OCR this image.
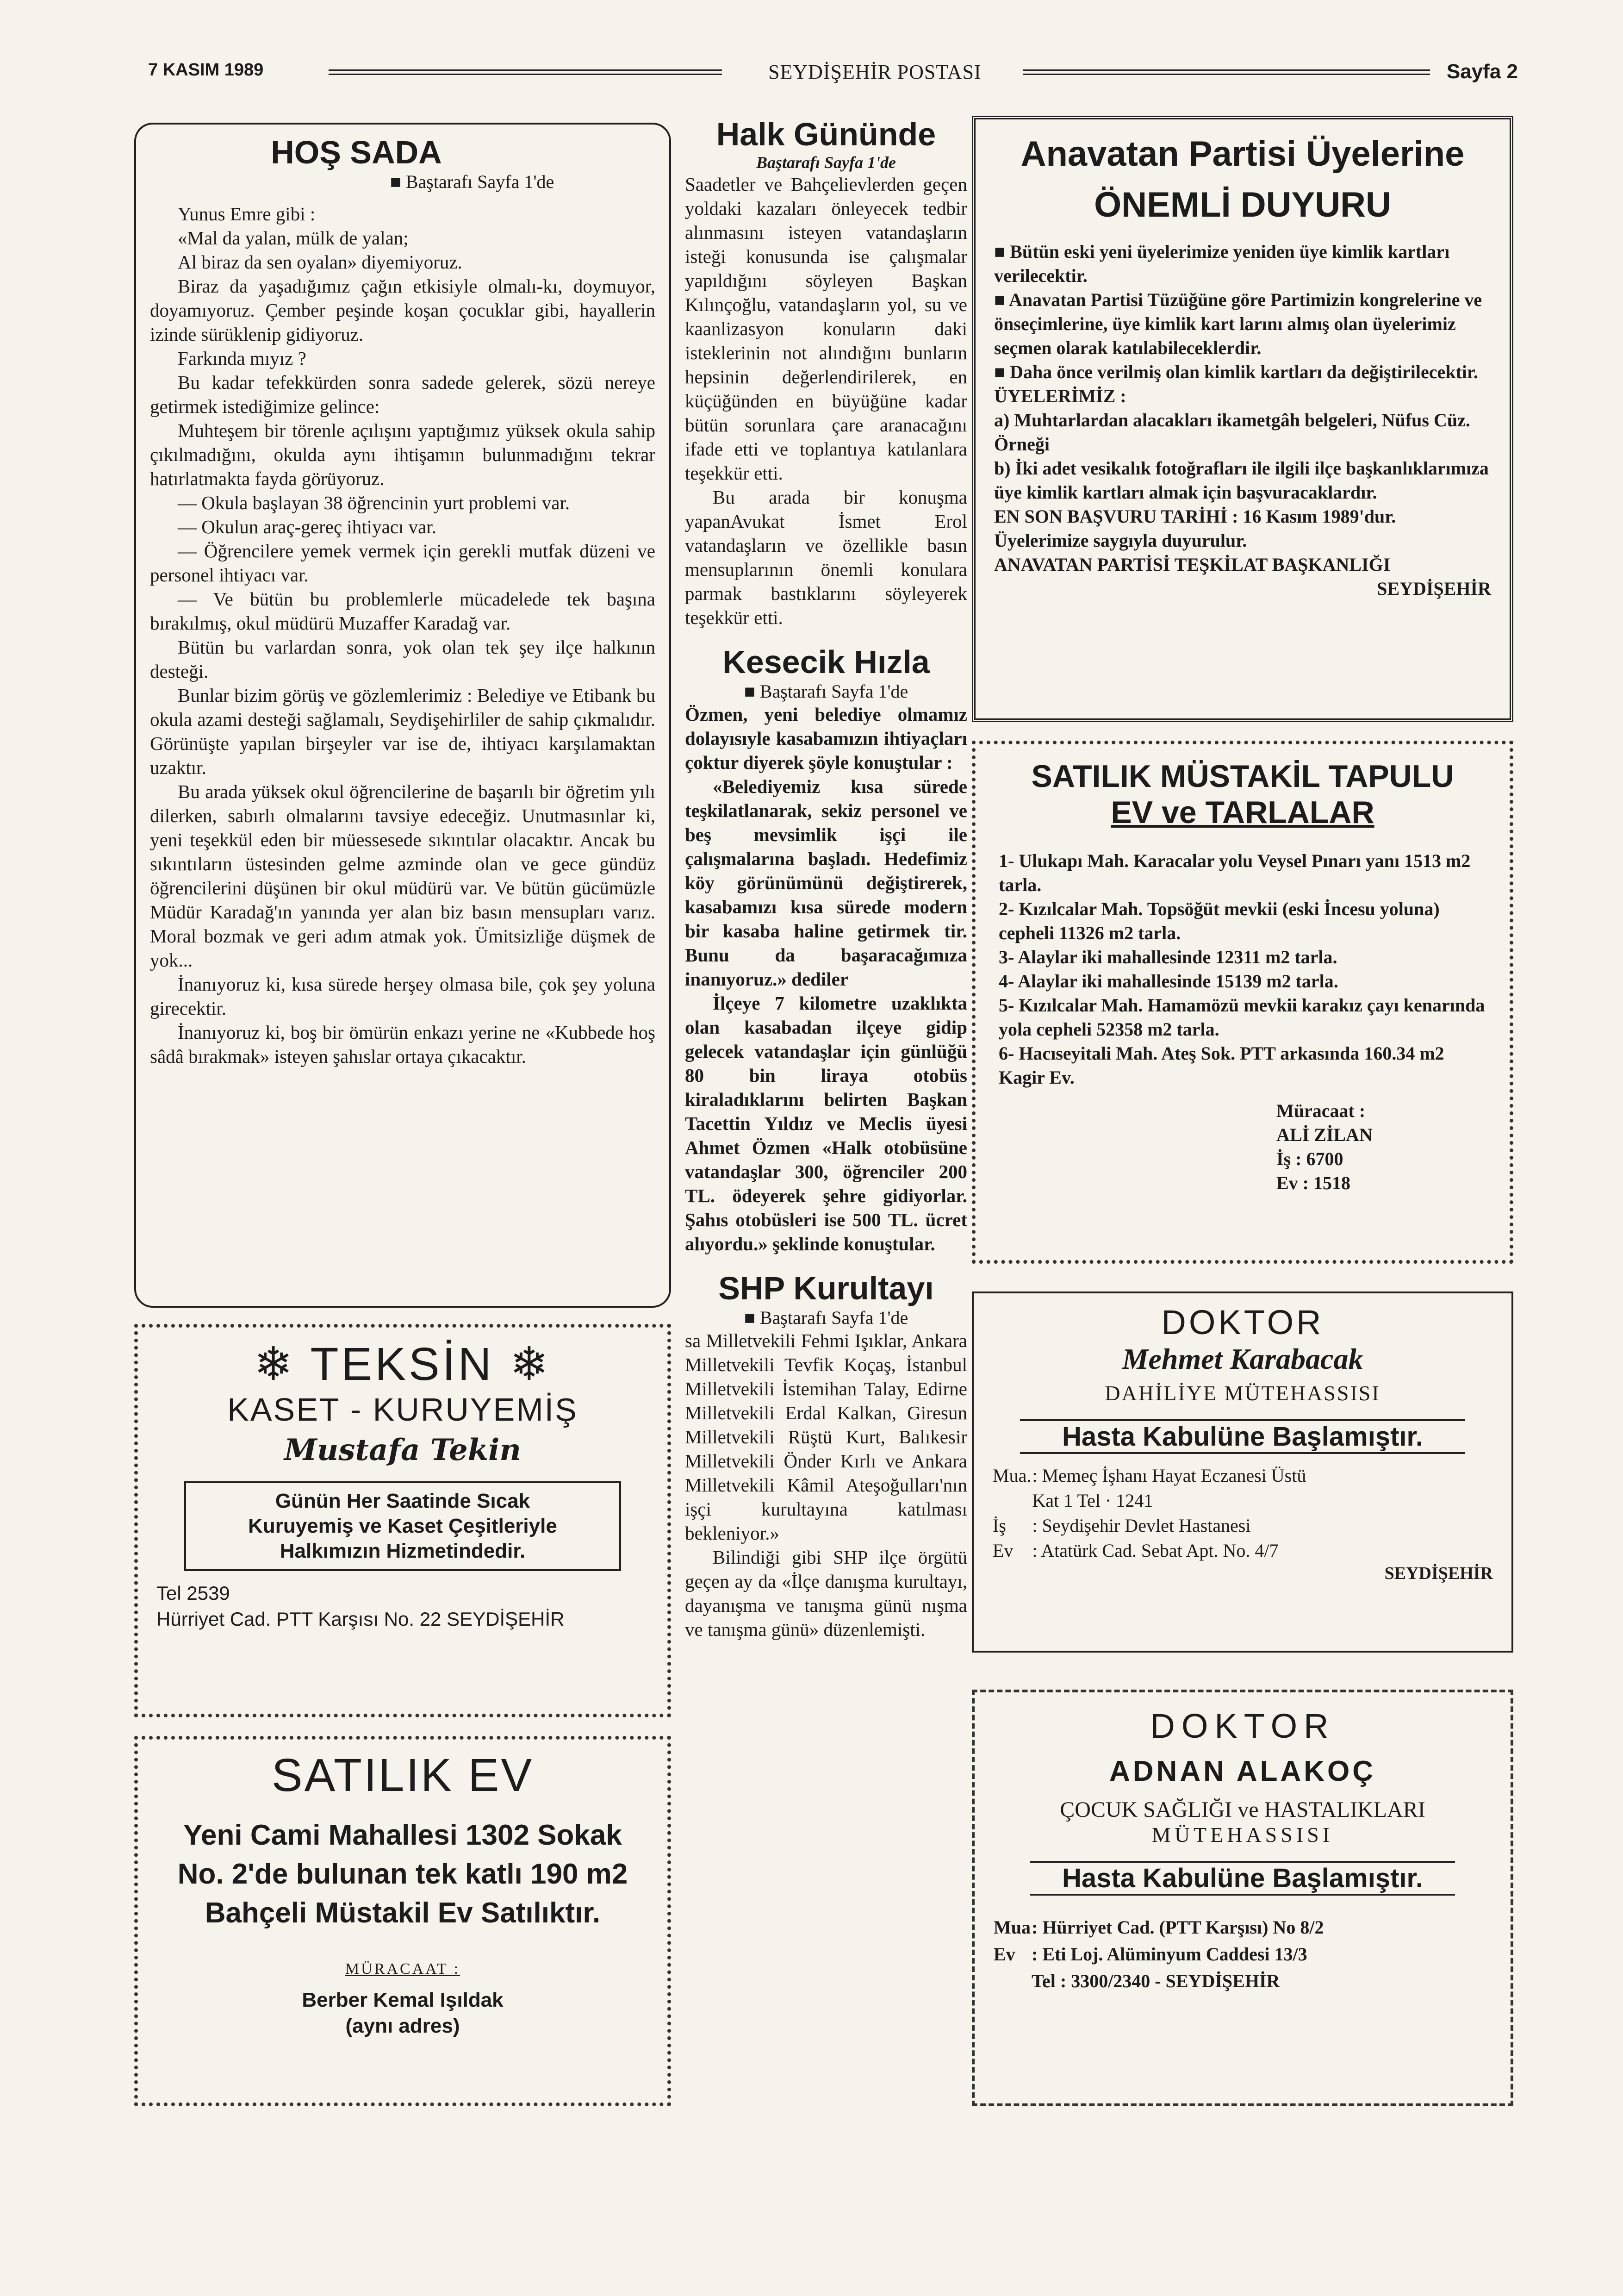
7 KASIM 1989	SEYDİŞEHİR POSTASI	Sayfa 2
HOŞ SADA
■ Baştarafı Sayfa 1'de

Yunus Emre gibi :

«Mal da yalan, mülk de yalan;

Al biraz da sen oyalan» diyemiyoruz.

Biraz da yaşadığımız çağın etkisiyle olmalı-kı, doymuyor, doyamıyoruz. Çember peşinde koşan çocuklar gibi, hayallerin izinde sürüklenip gidiyoruz.

Farkında mıyız ?

Bu kadar tefekkürden sonra sadede gelerek, sözü nereye getirmek istediğimize gelince:

Muhteşem bir törenle açılışını yaptığımız yüksek okula sahip çıkılmadığını, okulda aynı ihtişamın bulunmadığını tekrar hatırlatmakta fayda görüyoruz.

— Okula başlayan 38 öğrencinin yurt problemi var.

— Okulun araç-gereç ihtiyacı var.

— Öğrencilere yemek vermek için gerekli mutfak düzeni ve personel ihtiyacı var.

— Ve bütün bu problemlerle mücadelede tek başına bırakılmış, okul müdürü Muzaffer Karadağ var.

Bütün bu varlardan sonra, yok olan tek şey ilçe halkının desteği.

Bunlar bizim görüş ve gözlemlerimiz : Belediye ve Etibank bu okula azami desteği sağlamalı, Seydişehirliler de sahip çıkmalıdır. Görünüşte yapılan birşeyler var ise de, ihtiyacı karşılamaktan uzaktır.

Bu arada yüksek okul öğrencilerine de başarılı bir öğretim yılı dilerken, sabırlı olmalarını tavsiye edeceğiz. Unutmasınlar ki, yeni teşekkül eden bir müessesede sıkıntılar olacaktır. Ancak bu sıkıntıların üstesinden gelme azminde olan ve gece gündüz öğrencilerini düşünen bir okul müdürü var. Ve bütün gücümüzle Müdür Karadağ'ın yanında yer alan biz basın mensupları varız. Moral bozmak ve geri adım atmak yok. Ümitsizliğe düşmek de yok...

İnanıyoruz ki, kısa sürede herşey olmasa bile, çok şey yoluna girecektir.

İnanıyoruz ki, boş bir ömürün enkazı yerine ne «Kubbede hoş sâdâ bırakmak» isteyen şahıslar ortaya çıkacaktır.

❄ TEKSİN ❄
KASET - KURUYEMİŞ
Mustafa Tekin
Günün Her Saatinde Sıcak
Kuruyemiş ve Kaset Çeşitleriyle
Halkımızın Hizmetindedir.
Tel 2539
Hürriyet Cad. PTT Karşısı No. 22 SEYDİŞEHİR
SATILIK EV
Yeni Cami Mahallesi 1302 Sokak
No. 2'de bulunan tek katlı 190 m2
Bahçeli Müstakil Ev Satılıktır.
MÜRACAAT :
Berber Kemal Işıldak
(aynı adres)
Halk Gününde
Baştarafı Sayfa 1'de

Saadetler ve Bahçelievlerden geçen yoldaki kazaları önleyecek tedbir alınmasını isteyen vatandaşların isteği konusunda ise çalışmalar yapıldığını söyleyen Başkan Kılınçoğlu, vatandaşların yol, su ve kaanlizasyon konuların daki isteklerinin not alındığını bunların hepsinin değerlendirilerek, en küçüğünden en büyüğüne kadar bütün sorunlara çare aranacağını ifade etti ve toplantıya katılanlara teşekkür etti.

Bu arada bir konuşma yapanAvukat İsmet Erol vatandaşların ve özellikle basın mensuplarının önemli konulara parmak bastıklarını söyleyerek teşekkür etti.

Kesecik Hızla
■ Baştarafı Sayfa 1'de

Özmen, yeni belediye olmamız dolayısıyle kasabamızın ihtiyaçları çoktur diyerek şöyle konuştular :

«Belediyemiz kısa sürede teşkilatlanarak, sekiz personel ve beş mevsimlik işçi ile çalışmalarına başladı. Hedefimiz köy görünümünü değiştirerek, kasabamızı kısa sürede modern bir kasaba haline getirmek tir. Bunu da başaracağımıza inanıyoruz.» dediler

İlçeye 7 kilometre uzaklıkta olan kasabadan ilçeye gidip gelecek vatandaşlar için günlüğü 80 bin liraya otobüs kiraladıklarını belirten Başkan Tacettin Yıldız ve Meclis üyesi Ahmet Özmen «Halk otobüsüne vatandaşlar 300, öğrenciler 200 TL. ödeyerek şehre gidiyorlar. Şahıs otobüsleri ise 500 TL. ücret alıyordu.» şeklinde konuştular.

SHP Kurultayı
■ Baştarafı Sayfa 1'de

sa Milletvekili Fehmi Işıklar, Ankara Milletvekili Tevfik Koçaş, İstanbul Milletvekili İstemihan Talay, Edirne Milletvekili Erdal Kalkan, Giresun Milletvekili Rüştü Kurt, Balıkesir Milletvekili Önder Kırlı ve Ankara Milletvekili Kâmil Ateşoğulları'nın işçi kurultayına katılması bekleniyor.»

Bilindiği gibi SHP ilçe örgütü geçen ay da «İlçe danışma kurultayı, dayanışma ve tanışma günü nışma ve tanışma günü» düzenlemişti.

Anavatan Partisi Üyelerine
ÖNEMLİ DUYURU
■ Bütün eski yeni üyelerimize yeniden üye kimlik kartları verilecektir.
■ Anavatan Partisi Tüzüğüne göre Partimizin kongrelerine ve önseçimlerine, üye kimlik kart larını almış olan üyelerimiz seçmen olarak katılabileceklerdir.
■ Daha önce verilmiş olan kimlik kartları da değiştirilecektir.
ÜYELERİMİZ :
a) Muhtarlardan alacakları ikametgâh belgeleri, Nüfus Cüz. Örneği
b) İki adet vesikalık fotoğrafları ile ilgili ilçe başkanlıklarımıza üye kimlik kartları almak için başvuracaklardır.
EN SON BAŞVURU TARİHİ : 16 Kasım 1989'dur.
Üyelerimize saygıyla duyurulur.
ANAVATAN PARTİSİ TEŞKİLAT BAŞKANLIĞI
SEYDİŞEHİR
SATILIK MÜSTAKİL TAPULU
EV ve TARLALAR
1- Ulukapı Mah. Karacalar yolu Veysel Pınarı yanı 1513 m2 tarla.
2- Kızılcalar Mah. Topsöğüt mevkii (eski İncesu yoluna) cepheli 11326 m2 tarla.
3- Alaylar iki mahallesinde 12311 m2 tarla.
4- Alaylar iki mahallesinde 15139 m2 tarla.
5- Kızılcalar Mah. Hamamözü mevkii karakız çayı kenarında yola cepheli 52358 m2 tarla.
6- Hacıseyitali Mah. Ateş Sok. PTT arkasında 160.34 m2 Kagir Ev.
Müracaat :
ALİ ZİLAN
İş : 6700
Ev : 1518
DOKTOR
Mehmet Karabacak
DAHİLİYE MÜTEHASSISI
Hasta Kabulüne Başlamıştır.
Mua.	: Memeç İşhanı Hayat Eczanesi Üstü
	Kat 1 Tel · 1241
İş	: Seydişehir Devlet Hastanesi
Ev	: Atatürk Cad. Sebat Apt. No. 4/7
SEYDİŞEHİR
DOKTOR
ADNAN ALAKOÇ
ÇOCUK SAĞLIĞI ve HASTALIKLARI
MÜTEHASSISI
Hasta Kabulüne Başlamıştır.
Mua	: Hürriyet Cad. (PTT Karşısı) No 8/2
Ev	: Eti Loj. Alüminyum Caddesi 13/3
	Tel : 3300/2340 - SEYDİŞEHİR
